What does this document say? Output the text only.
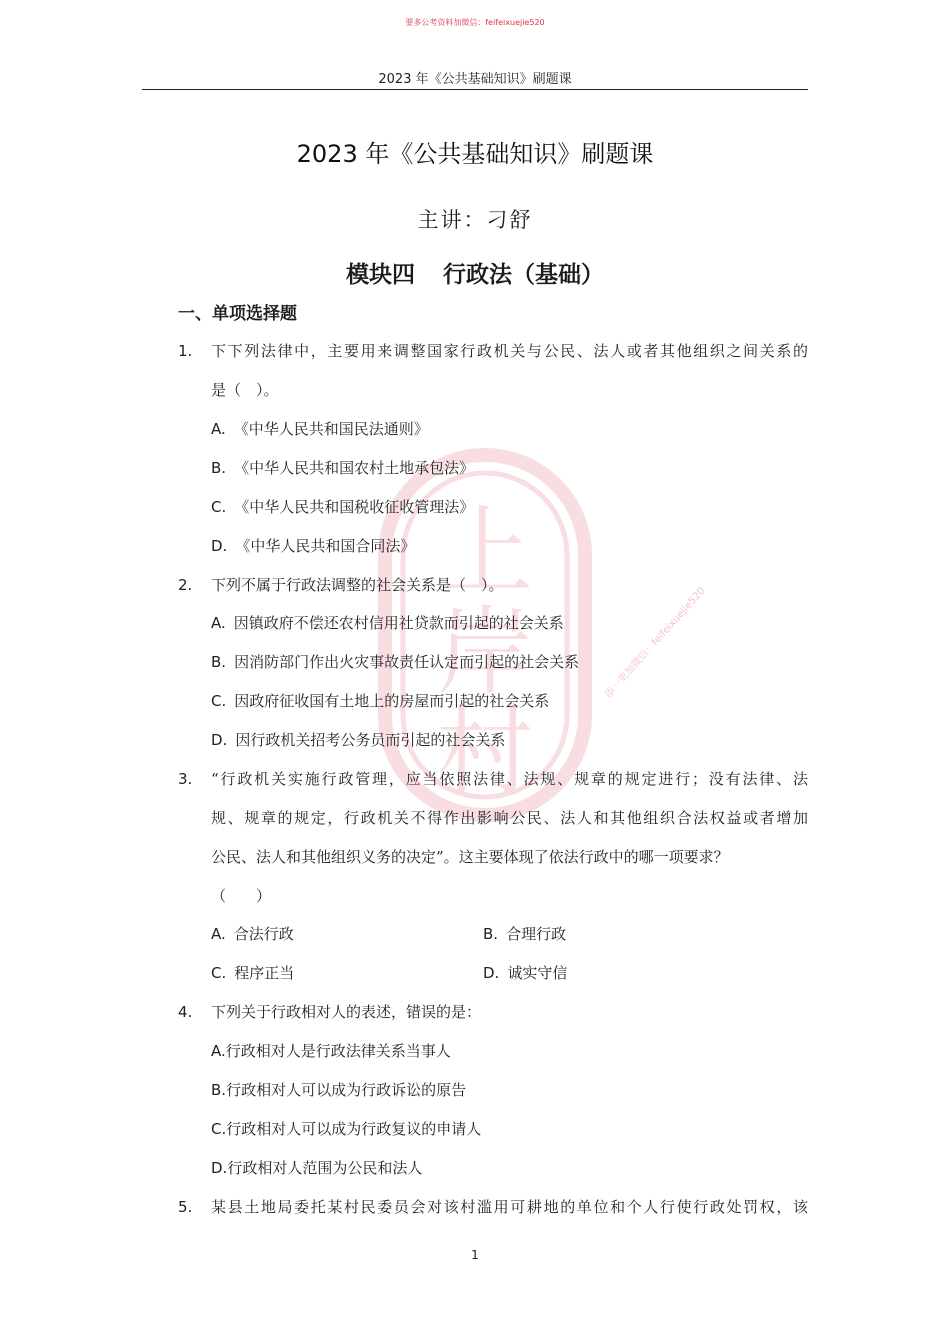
上
岸
村
添一更加微信：feifeixuejie520
要多公考资料加微信：feifeixuejie520
2023 年《公共基础知识》刷题课
2023 年《公共基础知识》刷题课
主讲：刁舒
模块四 行政法（基础）
一、单项选择题
1. 下下列法律中，主要用来调整国家行政机关与公民、法人或者其他组织之间关系的
是（　）。
A. 《中华人民共和国民法通则》
B. 《中华人民共和国农村土地承包法》
C. 《中华人民共和国税收征收管理法》
D. 《中华人民共和国合同法》
2. 下列不属于行政法调整的社会关系是（　）。
A. 因镇政府不偿还农村信用社贷款而引起的社会关系
B. 因消防部门作出火灾事故责任认定而引起的社会关系
C. 因政府征收国有土地上的房屋而引起的社会关系
D. 因行政机关招考公务员而引起的社会关系
3. “行政机关实施行政管理，应当依照法律、法规、规章的规定进行；没有法律、法
规、规章的规定，行政机关不得作出影响公民、法人和其他组织合法权益或者增加
公民、法人和其他组织义务的决定”。这主要体现了依法行政中的哪一项要求？
（　　）
A. 合法行政	B. 合理行政
C. 程序正当	D. 诚实守信
4. 下列关于行政相对人的表述，错误的是：
A.行政相对人是行政法律关系当事人
B.行政相对人可以成为行政诉讼的原告
C.行政相对人可以成为行政复议的申请人
D.行政相对人范围为公民和法人
5. 某县土地局委托某村民委员会对该村滥用可耕地的单位和个人行使行政处罚权，该
1
